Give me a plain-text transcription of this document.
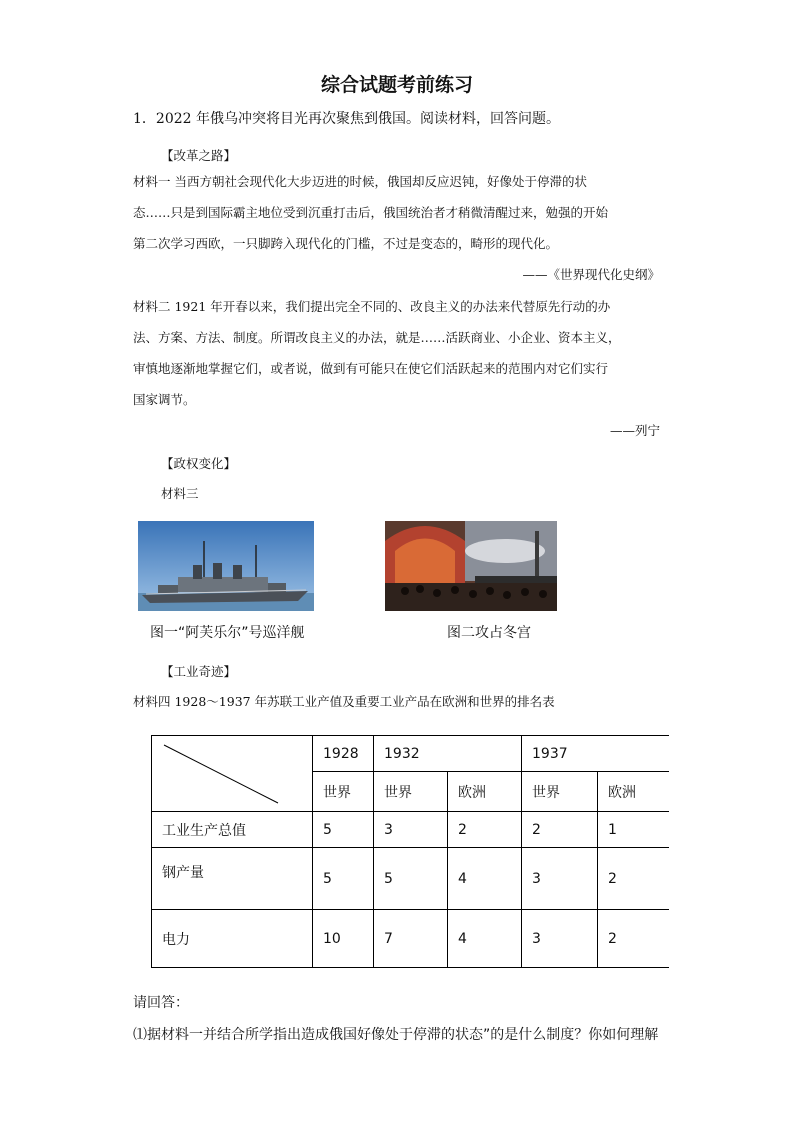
综合试题考前练习
1．2022 年俄乌冲突将目光再次聚焦到俄国。阅读材料，回答问题。
【改革之路】
材料一 当西方朝社会现代化大步迈进的时候，俄国却反应迟钝，好像处于停滞的状
态……只是到国际霸主地位受到沉重打击后，俄国统治者才稍微清醒过来，勉强的开始
第二次学习西欧，一只脚跨入现代化的门槛，不过是变态的，畸形的现代化。
——《世界现代化史纲》
材料二 1921 年开春以来，我们提出完全不同的、改良主义的办法来代替原先行动的办
法、方案、方法、制度。所谓改良主义的办法，就是……活跃商业、小企业、资本主义，
审慎地逐渐地掌握它们，或者说，做到有可能只在使它们活跃起来的范围内对它们实行
国家调节。
——列宁
【政权变化】
材料三
图一“阿芙乐尔”号巡洋舰	图二攻占冬宫
【工业奇迹】
材料四 1928～1937 年苏联工业产值及重要工业产品在欧洲和世界的排名表
	1928	1932		1937	
	世界	世界	欧洲	世界	欧洲
工业生产总值	5	3	2	2	1
钢产量	5	5	4	3	2
电力	10	7	4	3	2
请回答：
⑴据材料一并结合所学指出造成俄国好像处于停滞的状态”的是什么制度？你如何理解
